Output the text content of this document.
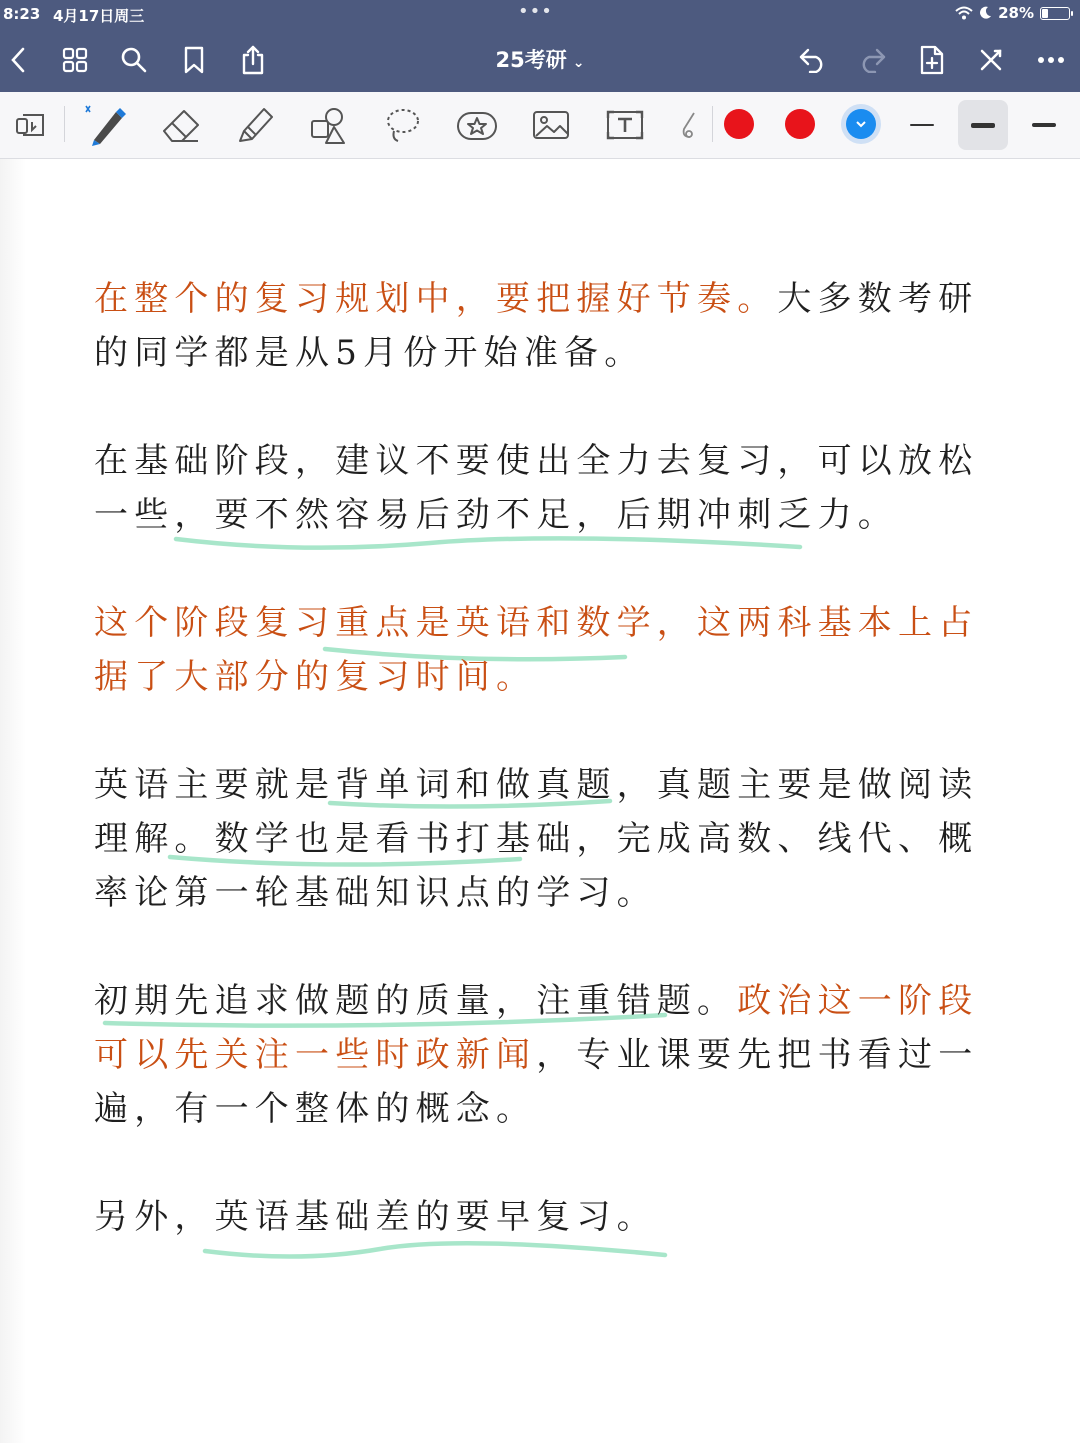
8:23 4月17日周三	•••	28%
25考研 ⌄

在整个的复习规划中，要把握好节奏。大多数考研的同学都是从5月份开始准备。

在基础阶段，建议不要使出全力去复习，可以放松一些，要不然容易后劲不足，后期冲刺乏力。

这个阶段复习重点是英语和数学，这两科基本上占据了大部分的复习时间。

英语主要就是背单词和做真题，真题主要是做阅读理解。数学也是看书打基础，完成高数、线代、概率论第一轮基础知识点的学习。

初期先追求做题的质量，注重错题。政治这一阶段可以先关注一些时政新闻，专业课要先把书看过一遍，有一个整体的概念。

另外，英语基础差的要早复习。
